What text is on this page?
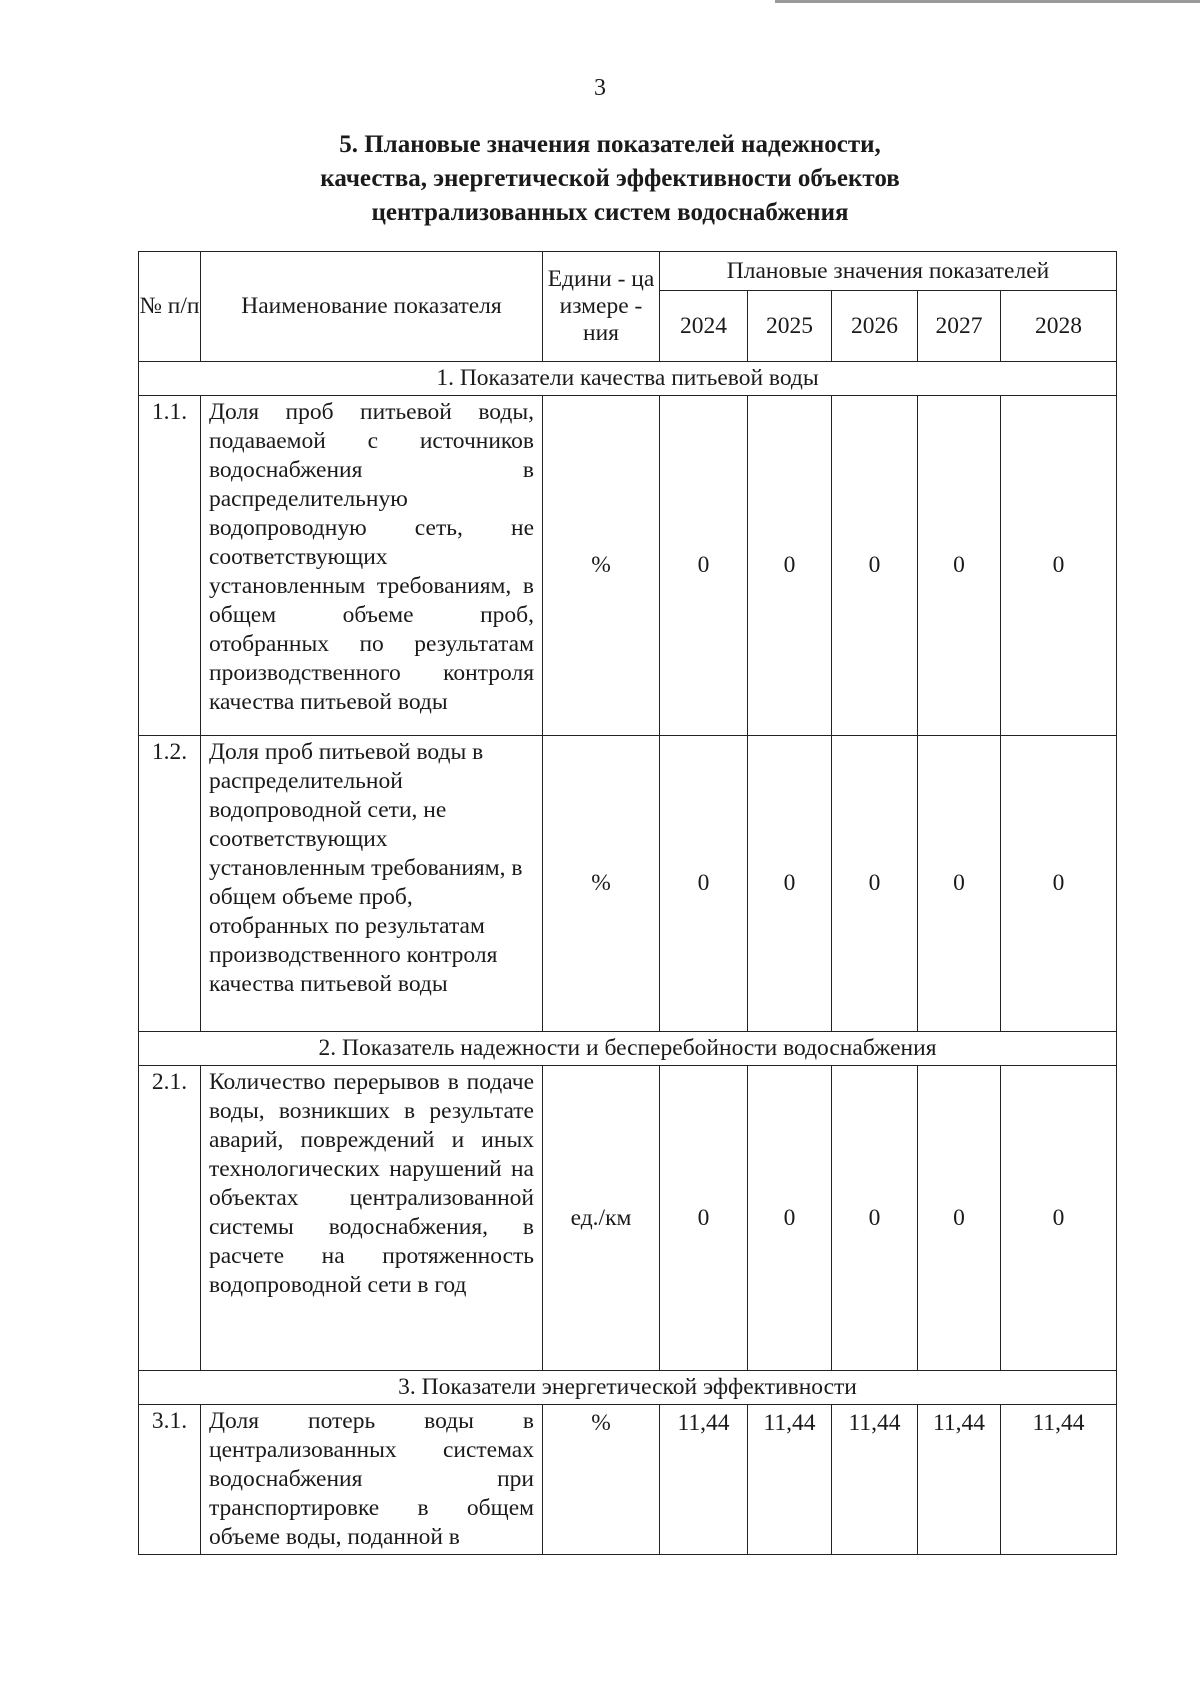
3
5. Плановые значения показателей надежности,
качества, энергетической эффективности объектов
централизованных систем водоснабжения
№ п/п	Наименование показателя	Едини - ца измере - ния	Плановые значения показателей				
			2024	2025	2026	2027	2028
1. Показатели качества питьевой воды							
1.1.	Доля проб питьевой воды, подаваемой с источников водоснабжения в распределительную водопроводную сеть, не соответствующих установленным требованиям, в общем объеме проб, отобранных по результатам производственного контроля качества питьевой воды	%	0	0	0	0	0
1.2.	Доля проб питьевой воды в распределительной водопроводной сети, не соответствующих установленным требованиям, в общем объеме проб, отобранных по результатам производственного контроля качества питьевой воды	%	0	0	0	0	0
2. Показатель надежности и бесперебойности водоснабжения							
2.1.	Количество перерывов в подаче воды, возникших в результате аварий, повреждений и иных технологических нарушений на объектах централизованной системы водоснабжения, в расчете на протяженность водопроводной сети в год	ед./км	0	0	0	0	0
3. Показатели энергетической эффективности							
3.1.	Доля потерь воды в централизованных системах водоснабжения при транспортировке в общем объеме воды, поданной в	%	11,44	11,44	11,44	11,44	11,44
